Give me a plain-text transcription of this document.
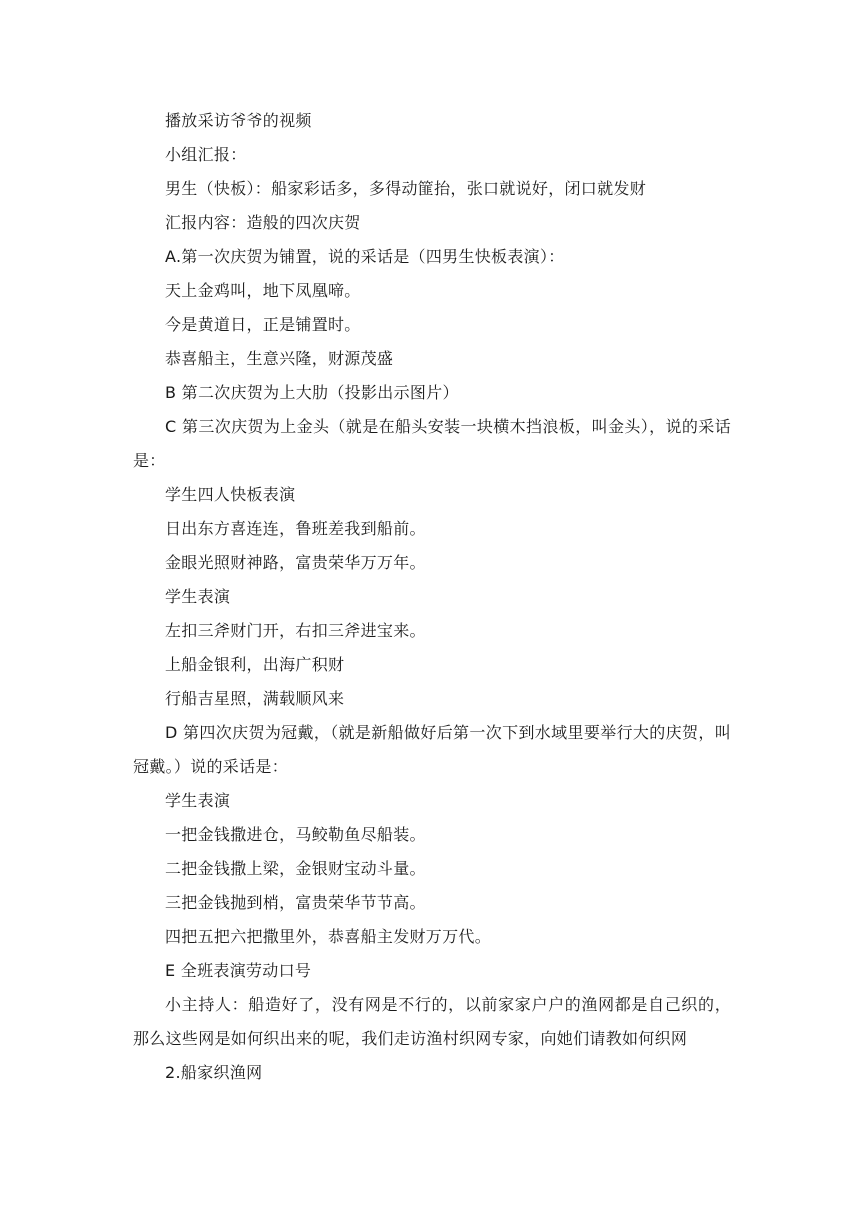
播放采访爷爷的视频

小组汇报：

男生（快板）：船家彩话多，多得动篚抬，张口就说好，闭口就发财

汇报内容：造般的四次庆贺

A.第一次庆贺为铺置，说的采话是（四男生快板表演）：

天上金鸡叫，地下凤凰啼。

今是黄道日，正是铺置时。

恭喜船主，生意兴隆，财源茂盛

B 第二次庆贺为上大肋（投影出示图片）

C 第三次庆贺为上金头（就是在船头安装一块横木挡浪板，叫金头），说的采话是：

学生四人快板表演

日出东方喜连连，鲁班差我到船前。

金眼光照财神路，富贵荣华万万年。

学生表演

左扣三斧财门开，右扣三斧进宝来。

上船金银利，出海广积财

行船吉星照，满载顺风来

D 第四次庆贺为冠戴，（就是新船做好后第一次下到水域里要举行大的庆贺，叫冠戴。）说的采话是：

学生表演

一把金钱撒进仓，马鲛勒鱼尽船装。

二把金钱撒上梁，金银财宝动斗量。

三把金钱抛到梢，富贵荣华节节高。

四把五把六把撒里外，恭喜船主发财万万代。

E 全班表演劳动口号

小主持人：船造好了，没有网是不行的，以前家家户户的渔网都是自己织的，那么这些网是如何织出来的呢，我们走访渔村织网专家，向她们请教如何织网

2.船家织渔网
